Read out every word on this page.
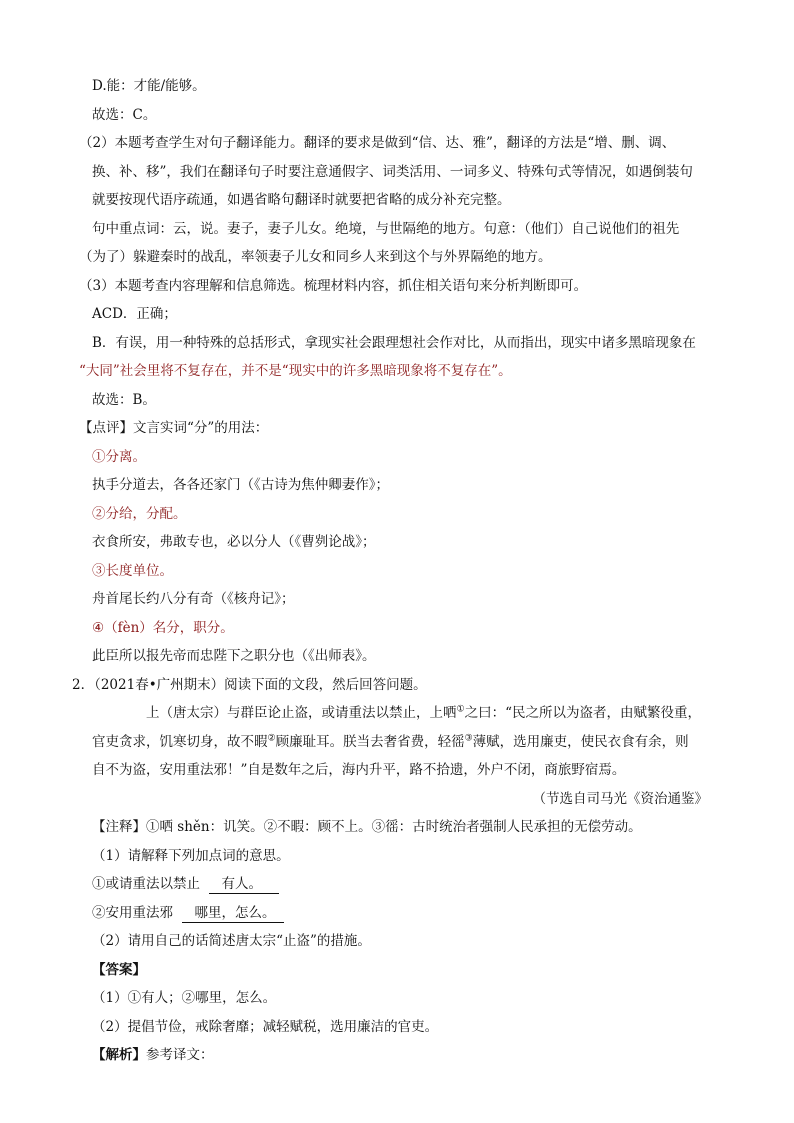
D.能：才能/能够。

故选：C。

（2）本题考查学生对句子翻译能力。翻译的要求是做到“信、达、雅”，翻译的方法是“增、删、调、

换、补、移”，我们在翻译句子时要注意通假字、词类活用、一词多义、特殊句式等情况，如遇倒装句

就要按现代语序疏通，如遇省略句翻译时就要把省略的成分补充完整。

句中重点词：云，说。妻子，妻子儿女。绝境，与世隔绝的地方。句意：（他们）自己说他们的祖先

（为了）躲避秦时的战乱，率领妻子儿女和同乡人来到这个与外界隔绝的地方。

（3）本题考查内容理解和信息筛选。梳理材料内容，抓住相关语句来分析判断即可。

ACD．正确；

B．有误，用一种特殊的总括形式，拿现实社会跟理想社会作对比，从而指出，现实中诸多黑暗现象在

“大同”社会里将不复存在，并不是“现实中的许多黑暗现象将不复存在”。

故选：B。

【点评】文言实词“分”的用法：

①分离。

执手分道去，各各还家门（《古诗为焦仲卿妻作》；

②分给，分配。

衣食所安，弗敢专也，必以分人（《曹刿论战》；

③长度单位。

舟首尾长约八分有奇（《核舟记》；

④（fèn）名分，职分。

此臣所以报先帝而忠陛下之职分也（《出师表》。

2．（2021春•广州期末）阅读下面的文段，然后回答问题。

上（唐太宗）与群臣论止盗，或请重法以禁止，上哂①之曰：“民之所以为盗者，由赋繁役重，

官吏贪求，饥寒切身，故不暇②顾廉耻耳。朕当去奢省费，轻徭③薄赋，选用廉吏，使民衣食有余，则

自不为盗，安用重法邪！”自是数年之后，海内升平，路不拾遗，外户不闭，商旅野宿焉。

（节选自司马光《资治通鉴》

【注释】①哂 shěn：讥笑。②不暇：顾不上。③徭：古时统治者强制人民承担的无偿劳动。

（1）请解释下列加点词的意思。

①或请重法以禁止 有人。

②安用重法邪 哪里，怎么。

（2）请用自己的话简述唐太宗“止盗”的措施。

【答案】

（1）①有人；②哪里，怎么。

（2）提倡节俭，戒除奢靡；减轻赋税，选用廉洁的官吏。

【解析】参考译文：
